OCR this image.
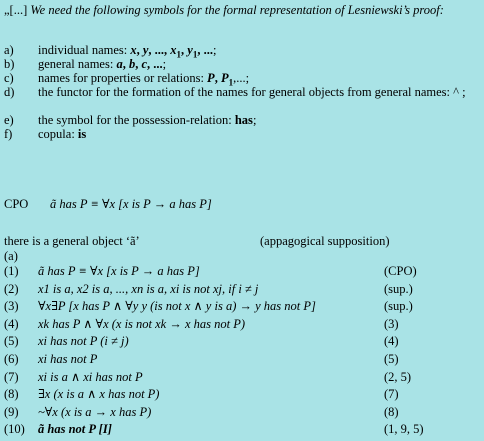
„[...] We need the following symbols for the formal representation of Lesniewski’s proof:
a) individual names: x, y, ..., $x_1$, $y_1$, ...;
b) general names: a, b, c, ...;
c) names for properties or relations: P, $P_1$,...;
d) the functor for the formation of the names for general objects from general names: ^ ;
e) the symbol for the possession-relation: has;
f) copula: is
CPO ã has P ≡ ∀x [x is P → a has P]
there is a general object ‘ã’	(appagogical supposition)
(a)
(1) ã has P ≡ ∀x [x is P → a has P]	(CPO)
(2) x1 is a, x2 is a, ..., xn is a, xi is not xj, if i ≠ j	(sup.)
(3) ∀x∃P [x has P ∧ ∀y y (is not x ∧ y is a) → y has not P]	(sup.)
(4) xk has P ∧ ∀x (x is not xk → x has not P)	(3)
(5) xi has not P (i ≠ j)	(4)
(6) xi has not P	(5)
(7) xi is a ∧ xi has not P	(2, 5)
(8) ∃x (x is a ∧ x has not P)	(7)
(9) ~∀x (x is a → x has P)	(8)
(10) ã has not P [I]	(1, 9, 5)
